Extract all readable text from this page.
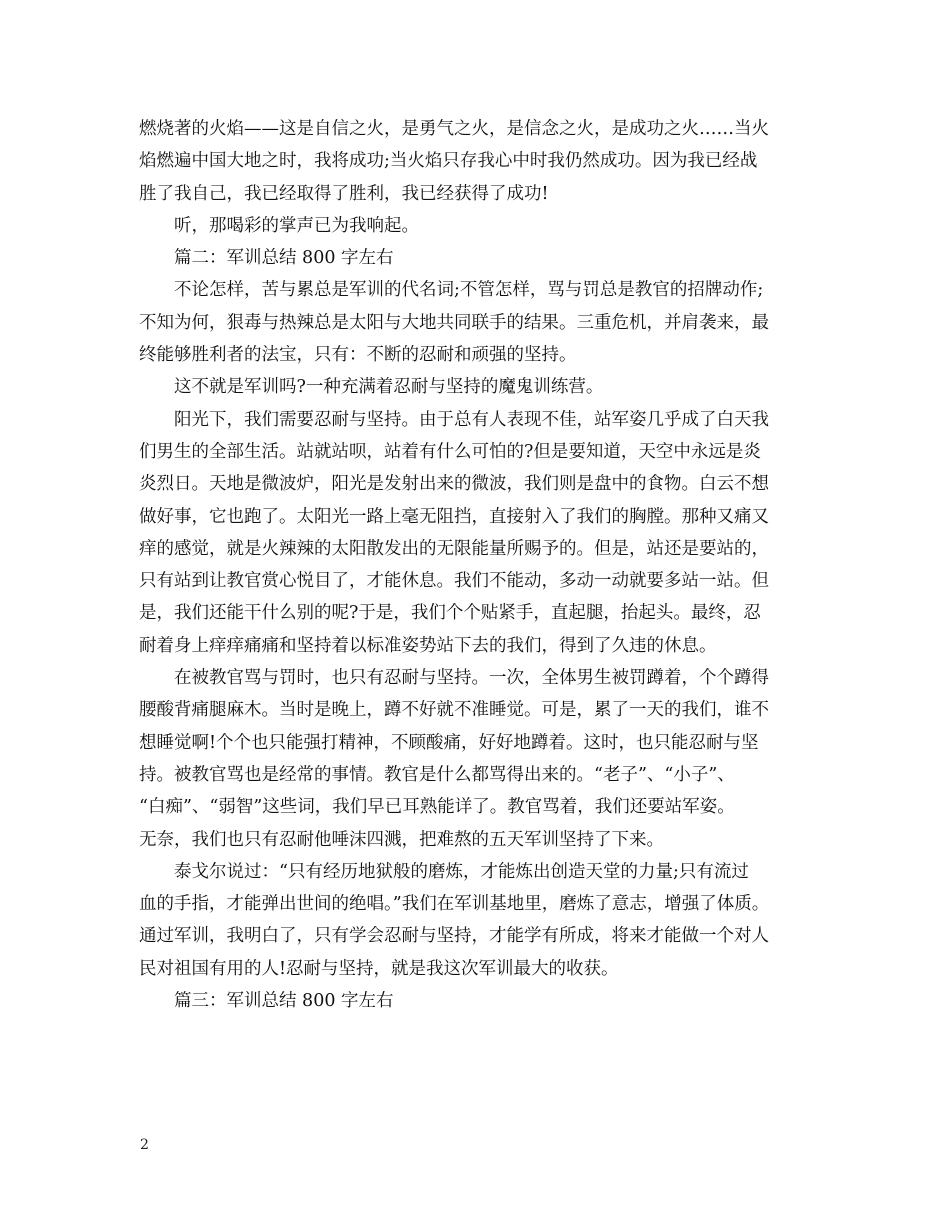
燃烧著的火焰——这是自信之火，是勇气之火，是信念之火，是成功之火……当火
焰燃遍中国大地之时，我将成功;当火焰只存我心中时我仍然成功。因为我已经战
胜了我自己，我已经取得了胜利，我已经获得了成功!
听，那喝彩的掌声已为我响起。
篇二：军训总结 800 字左右
不论怎样，苦与累总是军训的代名词;不管怎样，骂与罚总是教官的招牌动作;
不知为何，狠毒与热辣总是太阳与大地共同联手的结果。三重危机，并肩袭来，最
终能够胜利者的法宝，只有：不断的忍耐和顽强的坚持。
这不就是军训吗?一种充满着忍耐与坚持的魔鬼训练营。
阳光下，我们需要忍耐与坚持。由于总有人表现不佳，站军姿几乎成了白天我
们男生的全部生活。站就站呗，站着有什么可怕的?但是要知道，天空中永远是炎
炎烈日。天地是微波炉，阳光是发射出来的微波，我们则是盘中的食物。白云不想
做好事，它也跑了。太阳光一路上毫无阻挡，直接射入了我们的胸膛。那种又痛又
痒的感觉，就是火辣辣的太阳散发出的无限能量所赐予的。但是，站还是要站的，
只有站到让教官赏心悦目了，才能休息。我们不能动，多动一动就要多站一站。但
是，我们还能干什么别的呢?于是，我们个个贴紧手，直起腿，抬起头。最终，忍
耐着身上痒痒痛痛和坚持着以标准姿势站下去的我们，得到了久违的休息。
在被教官骂与罚时，也只有忍耐与坚持。一次，全体男生被罚蹲着，个个蹲得
腰酸背痛腿麻木。当时是晚上，蹲不好就不准睡觉。可是，累了一天的我们，谁不
想睡觉啊!个个也只能强打精神，不顾酸痛，好好地蹲着。这时，也只能忍耐与坚
持。被教官骂也是经常的事情。教官是什么都骂得出来的。“老子”、“小子”、
“白痴”、“弱智”这些词，我们早已耳熟能详了。教官骂着，我们还要站军姿。
无奈，我们也只有忍耐他唾沫四溅，把难熬的五天军训坚持了下来。
泰戈尔说过：“只有经历地狱般的磨炼，才能炼出创造天堂的力量;只有流过
血的手指，才能弹出世间的绝唱。”我们在军训基地里，磨炼了意志，增强了体质。
通过军训，我明白了，只有学会忍耐与坚持，才能学有所成，将来才能做一个对人
民对祖国有用的人!忍耐与坚持，就是我这次军训最大的收获。
篇三：军训总结 800 字左右
2
